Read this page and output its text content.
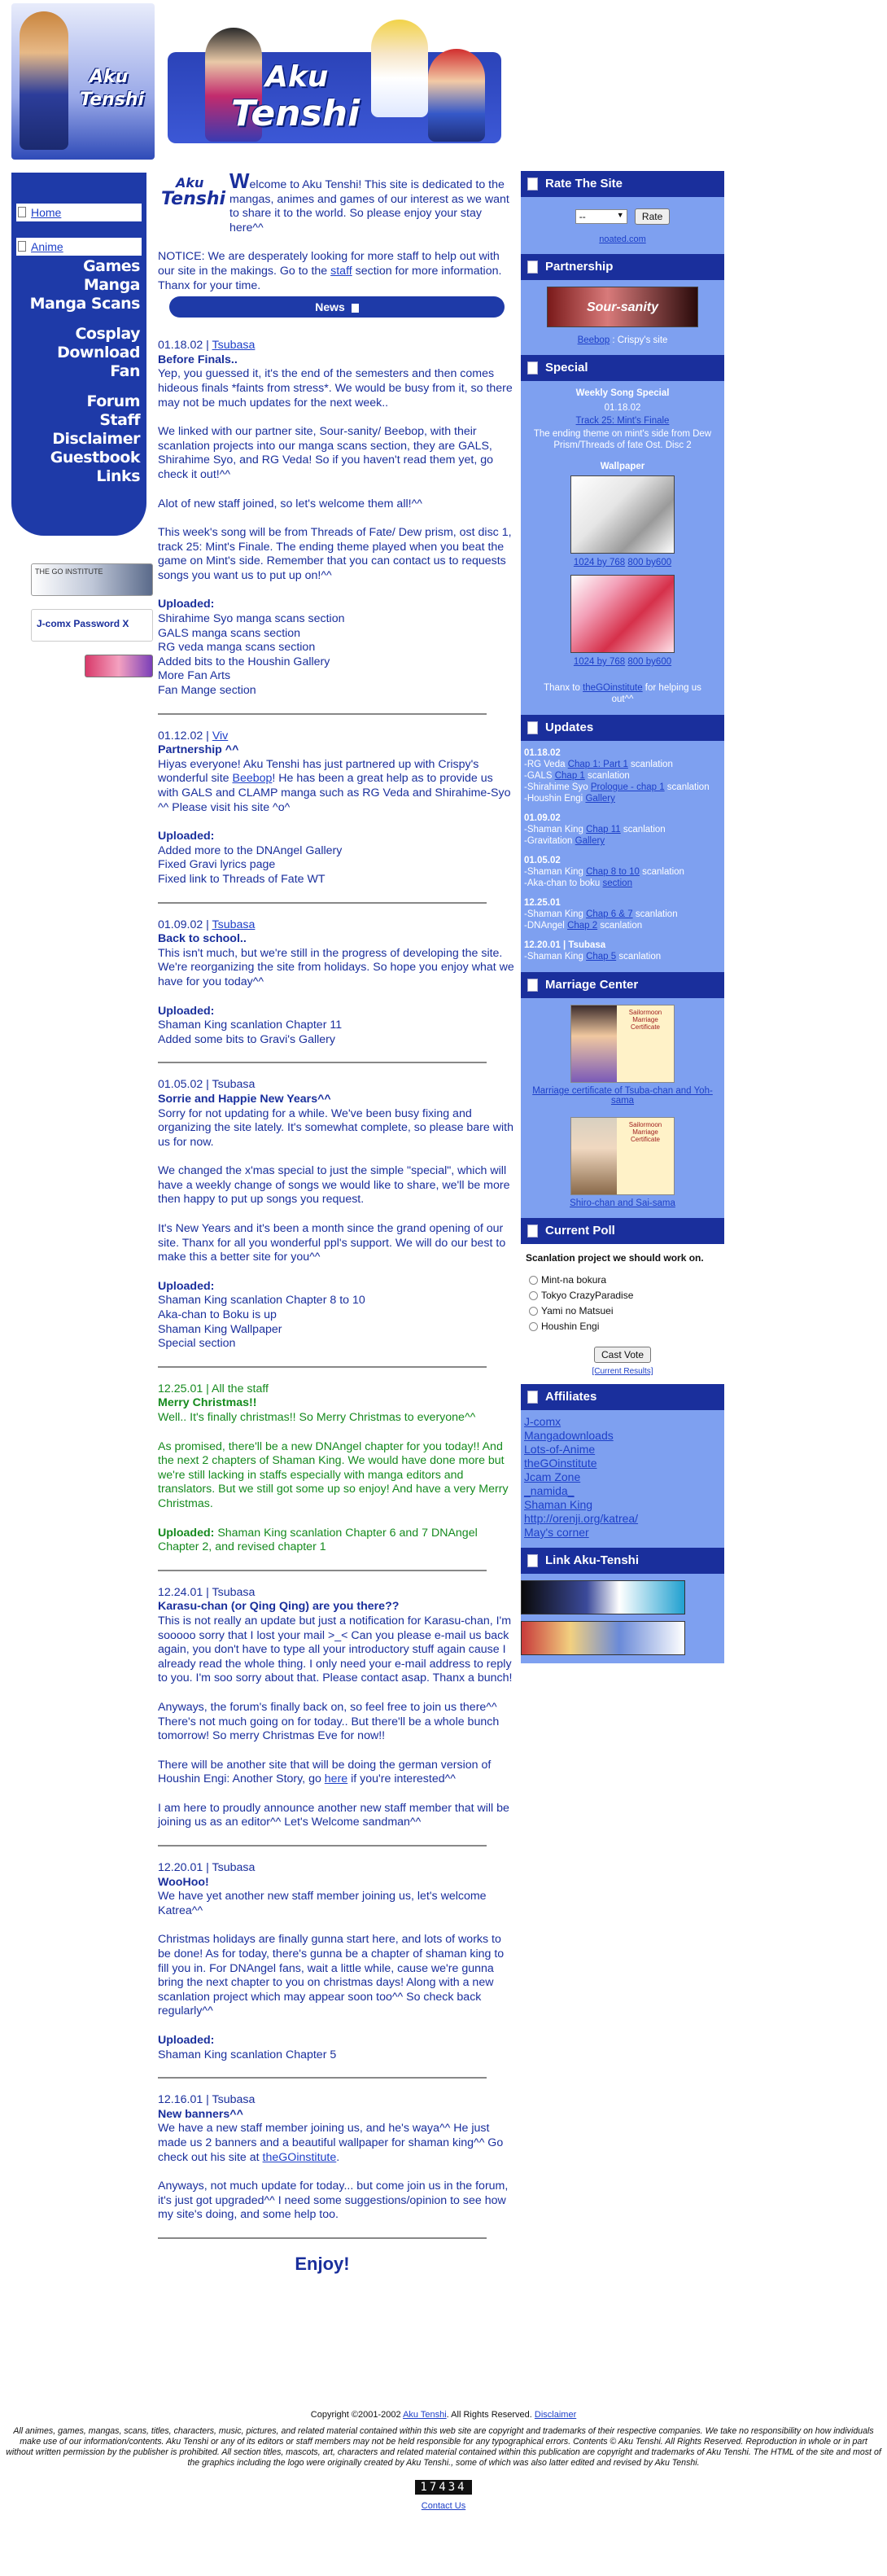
Aku
Tenshi
Aku
Tenshi
Home
Anime
Games
Manga
Manga Scans
Cosplay
Download
Fan
Forum
Staff
Disclaimer
Guestbook
Links
THE GO INSTITUTE
J-comx Password X
Aku
Tenshi

Welcome to Aku Tenshi! This site is dedicated to the mangas, animes and games of our interest as we want to share it to the world. So please enjoy your stay here^^

NOTICE: We are desperately looking for more staff to help out with our site in the makings. Go to the staff section for more information. Thanx for your time.

News
01.18.02 | Tsubasa
Before Finals..

Yep, you guessed it, it's the end of the semesters and then comes hideous finals *faints from stress*. We would be busy from it, so there may not be much updates for the next week..

We linked with our partner site, Sour-sanity/ Beebop, with their scanlation projects into our manga scans section, they are GALS, Shirahime Syo, and RG Veda! So if you haven't read them yet, go check it out!^^

Alot of new staff joined, so let's welcome them all!^^

This week's song will be from Threads of Fate/ Dew prism, ost disc 1, track 25: Mint's Finale. The ending theme played when you beat the game on Mint's side. Remember that you can contact us to requests songs you want us to put up on!^^

Uploaded:
Shirahime Syo manga scans section
GALS manga scans section
RG veda manga scans section
Added bits to the Houshin Gallery
More Fan Arts
Fan Mange section
01.12.02 | Viv
Partnership ^^

Hiyas everyone! Aku Tenshi has just partnered up with Crispy's wonderful site Beebop! He has been a great help as to provide us with GALS and CLAMP manga such as RG Veda and Shirahime-Syo ^^ Please visit his site ^o^

Uploaded:
Added more to the DNAngel Gallery
Fixed Gravi lyrics page
Fixed link to Threads of Fate WT
01.09.02 | Tsubasa
Back to school..

This isn't much, but we're still in the progress of developing the site. We're reorganizing the site from holidays. So hope you enjoy what we have for you today^^

Uploaded:
Shaman King scanlation Chapter 11
Added some bits to Gravi's Gallery
01.05.02 | Tsubasa
Sorrie and Happie New Years^^

Sorry for not updating for a while. We've been busy fixing and organizing the site lately. It's somewhat complete, so please bare with us for now.

We changed the x'mas special to just the simple "special", which will have a weekly change of songs we would like to share, we'll be more then happy to put up songs you request.

It's New Years and it's been a month since the grand opening of our site. Thanx for all you wonderful ppl's support. We will do our best to make this a better site for you^^

Uploaded:
Shaman King scanlation Chapter 8 to 10
Aka-chan to Boku is up
Shaman King Wallpaper
Special section
12.25.01 | All the staff
Merry Christmas!!

Well.. It's finally christmas!! So Merry Christmas to everyone^^

As promised, there'll be a new DNAngel chapter for you today!! And the next 2 chapters of Shaman King. We would have done more but we're still lacking in staffs especially with manga editors and translators. But we still got some up so enjoy! And have a very Merry Christmas.

Uploaded: Shaman King scanlation Chapter 6 and 7 DNAngel Chapter 2, and revised chapter 1

12.24.01 | Tsubasa
Karasu-chan (or Qing Qing) are you there??

This is not really an update but just a notification for Karasu-chan, I'm sooooo sorry that I lost your mail >_< Can you please e-mail us back again, you don't have to type all your introductory stuff again cause I already read the whole thing. I only need your e-mail address to reply to you. I'm soo sorry about that. Please contact asap. Thanx a bunch!

Anyways, the forum's finally back on, so feel free to join us there^^ There's not much going on for today.. But there'll be a whole bunch tomorrow! So merry Christmas Eve for now!!

There will be another site that will be doing the german version of Houshin Engi: Another Story, go here if you're interested^^

I am here to proudly announce another new staff member that will be joining us as an editor^^ Let's Welcome sandman^^

12.20.01 | Tsubasa
WooHoo!

We have yet another new staff member joining us, let's welcome Katrea^^

Christmas holidays are finally gunna start here, and lots of works to be done! As for today, there's gunna be a chapter of shaman king to fill you in. For DNAngel fans, wait a little while, cause we're gunna bring the next chapter to you on christmas days! Along with a new scanlation project which may appear soon too^^ So check back regularly^^

Uploaded:
Shaman King scanlation Chapter 5
12.16.01 | Tsubasa
New banners^^

We have a new staff member joining us, and he's waya^^ He just made us 2 banners and a beautiful wallpaper for shaman king^^ Go check out his site at theGOinstitute.

Anyways, not much update for today... but come join us in the forum, it's just got upgraded^^ I need some suggestions/opinion to see how my site's doing, and some help too.

Enjoy!
Rate The Site
--	▼ Rate
noated.com
Partnership
Sour-sanity
Beebop : Crispy's site
Special
Weekly Song Special
01.18.02
Track 25: Mint's Finale
The ending theme on mint's side from Dew Prism/Threads of fate Ost. Disc 2
Wallpaper
1024 by 768 800 by600
1024 by 768 800 by600
Thanx to theGOinstitute for helping us out^^
Updates
01.18.02
-RG Veda Chap 1: Part 1 scanlation
-GALS Chap 1 scanlation
-Shirahime Syo Prologue - chap 1 scanlation
-Houshin Engi Gallery
01.09.02
-Shaman King Chap 11 scanlation
-Gravitation Gallery
01.05.02
-Shaman King Chap 8 to 10 scanlation
-Aka-chan to boku section
12.25.01
-Shaman King Chap 6 & 7 scanlation
-DNAngel Chap 2 scanlation
12.20.01 | Tsubasa
-Shaman King Chap 5 scanlation
Marriage Center
Sailormoon Marriage Certificate
Marriage certificate of Tsuba-chan and Yoh-sama
Sailormoon Marriage Certificate
Shiro-chan and Sai-sama
Current Poll
Scanlation project we should work on.
Mint-na bokura
Tokyo CrazyParadise
Yami no Matsuei
Houshin Engi
Cast Vote
[Current Results]
Affiliates
J-comx
Mangadownloads
Lots-of-Anime
theGOinstitute
Jcam Zone
_namida_
Shaman King
http://orenji.org/katrea/
May's corner
Link Aku-Tenshi
Copyright ©2001-2002 Aku Tenshi. All Rights Reserved. Disclaimer
All animes, games, mangas, scans, titles, characters, music, pictures, and related material contained within this web site are copyright and trademarks of their respective companies. We take no responsibility on how individuals make use of our information/contents. Aku Tenshi or any of its editors or staff members may not be held responsible for any typographical errors. Contents © Aku Tenshi. All Rights Reserved. Reproduction in whole or in part without written permission by the publisher is prohibited. All section titles, mascots, art, characters and related material contained within this publication are copyright and trademarks of Aku Tenshi. The HTML of the site and most of the graphics including the logo were originally created by Aku Tenshi., some of which was also latter edited and revised by Aku Tenshi.
17434
Contact Us
